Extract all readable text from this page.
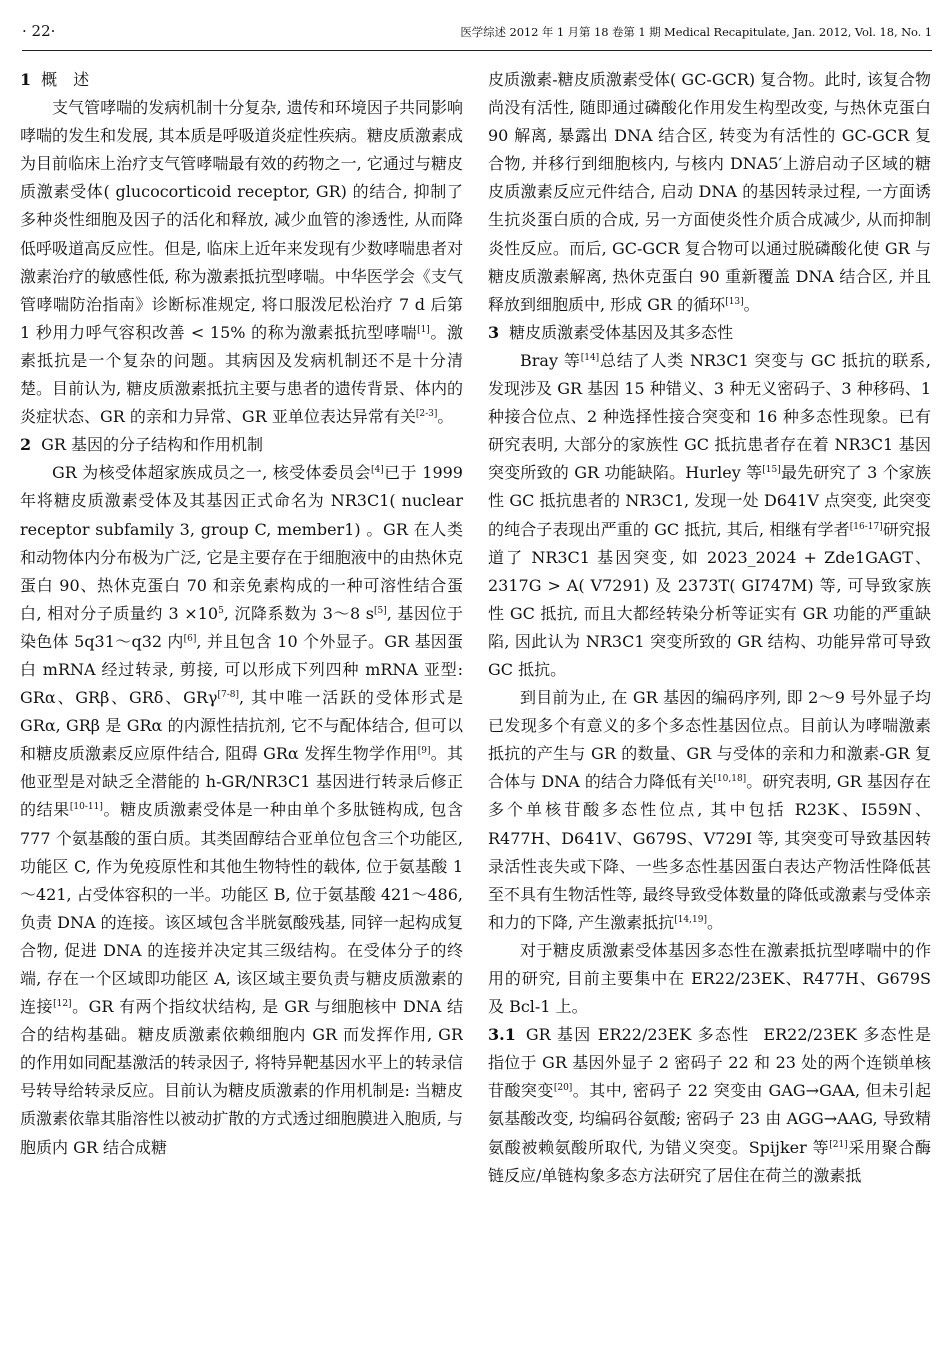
· 22·	医学综述 2012 年 1 月第 18 卷第 1 期 Medical Recapitulate, Jan. 2012, Vol. 18, No. 1
1 概　述

支气管哮喘的发病机制十分复杂, 遗传和环境因子共同影响哮喘的发生和发展, 其本质是呼吸道炎症性疾病。糖皮质激素成为目前临床上治疗支气管哮喘最有效的药物之一, 它通过与糖皮质激素受体( glucocorticoid receptor, GR) 的结合, 抑制了多种炎性细胞及因子的活化和释放, 减少血管的渗透性, 从而降低呼吸道高反应性。但是, 临床上近年来发现有少数哮喘患者对激素治疗的敏感性低, 称为激素抵抗型哮喘。中华医学会《支气管哮喘防治指南》诊断标准规定, 将口服泼尼松治疗 7 d 后第 1 秒用力呼气容积改善 < 15% 的称为激素抵抗型哮喘[1]。激素抵抗是一个复杂的问题。其病因及发病机制还不是十分清楚。目前认为, 糖皮质激素抵抗主要与患者的遗传背景、体内的炎症状态、GR 的亲和力异常、GR 亚单位表达异常有关[2-3]。

2 GR 基因的分子结构和作用机制

GR 为核受体超家族成员之一, 核受体委员会[4]已于 1999 年将糖皮质激素受体及其基因正式命名为 NR3C1( nuclear receptor subfamily 3, group C, member1) 。GR 在人类和动物体内分布极为广泛, 它是主要存在于细胞液中的由热休克蛋白 90、热休克蛋白 70 和亲免素构成的一种可溶性结合蛋白, 相对分子质量约 $3 \times 10^5$, 沉降系数为 3～8 s[5], 基因位于染色体 5q31～q32 内[6], 并且包含 10 个外显子。GR 基因蛋白 mRNA 经过转录, 剪接, 可以形成下列四种 mRNA 亚型: GRα、GRβ、GRδ、GRγ[7-8], 其中唯一活跃的受体形式是 GRα, GRβ 是 GRα 的内源性拮抗剂, 它不与配体结合, 但可以和糖皮质激素反应原件结合, 阻碍 GRα 发挥生物学作用[9]。其他亚型是对缺乏全潜能的 h-GR/NR3C1 基因进行转录后修正的结果[10-11]。糖皮质激素受体是一种由单个多肽链构成, 包含 777 个氨基酸的蛋白质。其类固醇结合亚单位包含三个功能区, 功能区 C, 作为免疫原性和其他生物特性的载体, 位于氨基酸 1～421, 占受体容积的一半。功能区 B, 位于氨基酸 421～486, 负责 DNA 的连接。该区域包含半胱氨酸残基, 同锌一起构成复合物, 促进 DNA 的连接并决定其三级结构。在受体分子的终端, 存在一个区域即功能区 A, 该区域主要负责与糖皮质激素的连接[12]。GR 有两个指纹状结构, 是 GR 与细胞核中 DNA 结合的结构基础。糖皮质激素依赖细胞内 GR 而发挥作用, GR 的作用如同配基激活的转录因子, 将特异靶基因水平上的转录信号转导给转录反应。目前认为糖皮质激素的作用机制是: 当糖皮质激素依靠其脂溶性以被动扩散的方式透过细胞膜进入胞质, 与胞质内 GR 结合成糖

皮质激素-糖皮质激素受体( GC-GCR) 复合物。此时, 该复合物尚没有活性, 随即通过磷酸化作用发生构型改变, 与热休克蛋白 90 解离, 暴露出 DNA 结合区, 转变为有活性的 GC-GCR 复合物, 并移行到细胞核内, 与核内 DNA5′上游启动子区域的糖皮质激素反应元件结合, 启动 DNA 的基因转录过程, 一方面诱生抗炎蛋白质的合成, 另一方面使炎性介质合成减少, 从而抑制炎性反应。而后, GC-GCR 复合物可以通过脱磷酸化使 GR 与糖皮质激素解离, 热休克蛋白 90 重新覆盖 DNA 结合区, 并且释放到细胞质中, 形成 GR 的循环[13]。

3 糖皮质激素受体基因及其多态性

Bray 等[14]总结了人类 NR3C1 突变与 GC 抵抗的联系, 发现涉及 GR 基因 15 种错义、3 种无义密码子、3 种移码、1 种接合位点、2 种选择性接合突变和 16 种多态性现象。已有研究表明, 大部分的家族性 GC 抵抗患者存在着 NR3C1 基因突变所致的 GR 功能缺陷。Hurley 等[15]最先研究了 3 个家族性 GC 抵抗患者的 NR3C1, 发现一处 D641V 点突变, 此突变的纯合子表现出严重的 GC 抵抗, 其后, 相继有学者[16-17]研究报道了 NR3C1 基因突变, 如 2023_2024 + Zde1GAGT、2317G > A( V7291) 及 2373T( GI747M) 等, 可导致家族性 GC 抵抗, 而且大都经转染分析等证实有 GR 功能的严重缺陷, 因此认为 NR3C1 突变所致的 GR 结构、功能异常可导致 GC 抵抗。

到目前为止, 在 GR 基因的编码序列, 即 2～9 号外显子均已发现多个有意义的多个多态性基因位点。目前认为哮喘激素抵抗的产生与 GR 的数量、GR 与受体的亲和力和激素-GR 复合体与 DNA 的结合力降低有关[10,18]。研究表明, GR 基因存在多个单核苷酸多态性位点, 其中包括 R23K、I559N、R477H、D641V、G679S、V729I 等, 其突变可导致基因转录活性丧失或下降、一些多态性基因蛋白表达产物活性降低甚至不具有生物活性等, 最终导致受体数量的降低或激素与受体亲和力的下降, 产生激素抵抗[14,19]。

对于糖皮质激素受体基因多态性在激素抵抗型哮喘中的作用的研究, 目前主要集中在 ER22/23EK、R477H、G679S 及 Bcl-1 上。

3.1 GR 基因 ER22/23EK 多态性 ER22/23EK 多态性是指位于 GR 基因外显子 2 密码子 22 和 23 处的两个连锁单核苷酸突变[20]。其中, 密码子 22 突变由 GAG→GAA, 但未引起氨基酸改变, 均编码谷氨酸; 密码子 23 由 AGG→AAG, 导致精氨酸被赖氨酸所取代, 为错义突变。Spijker 等[21]采用聚合酶链反应/单链构象多态方法研究了居住在荷兰的激素抵
